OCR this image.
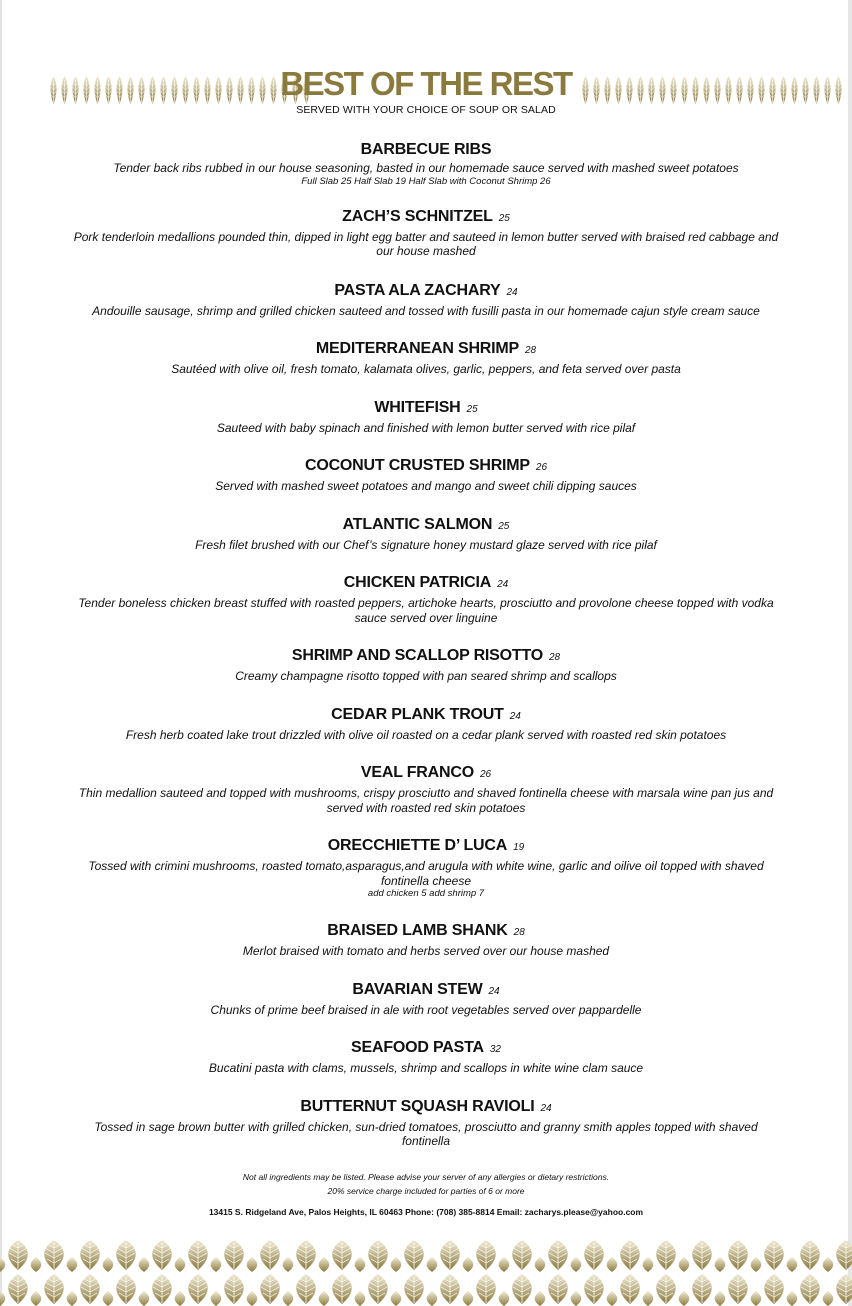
BEST OF THE REST
SERVED WITH YOUR CHOICE OF SOUP OR SALAD
BARBECUE RIBS
Tender back ribs rubbed in our house seasoning, basted in our homemade sauce served with mashed sweet potatoes
Full Slab 25 Half Slab 19 Half Slab with Coconut Shrimp 26
ZACH’S SCHNITZEL 25
Pork tenderloin medallions pounded thin, dipped in light egg batter and sauteed in lemon butter served with braised red cabbage and our house mashed
PASTA ALA ZACHARY 24
Andouille sausage, shrimp and grilled chicken sauteed and tossed with fusilli pasta in our homemade cajun style cream sauce
MEDITERRANEAN SHRIMP 28
Sautéed with olive oil, fresh tomato, kalamata olives, garlic, peppers, and feta served over pasta
WHITEFISH 25
Sauteed with baby spinach and finished with lemon butter served with rice pilaf
COCONUT CRUSTED SHRIMP 26
Served with mashed sweet potatoes and mango and sweet chili dipping sauces
ATLANTIC SALMON 25
Fresh filet brushed with our Chef’s signature honey mustard glaze served with rice pilaf
CHICKEN PATRICIA 24
Tender boneless chicken breast stuffed with roasted peppers, artichoke hearts, prosciutto and provolone cheese topped with vodka sauce served over linguine
SHRIMP AND SCALLOP RISOTTO 28
Creamy champagne risotto topped with pan seared shrimp and scallops
CEDAR PLANK TROUT 24
Fresh herb coated lake trout drizzled with olive oil roasted on a cedar plank served with roasted red skin potatoes
VEAL FRANCO 26
Thin medallion sauteed and topped with mushrooms, crispy prosciutto and shaved fontinella cheese with marsala wine pan jus and served with roasted red skin potatoes
ORECCHIETTE D’ LUCA 19
Tossed with crimini mushrooms, roasted tomato,asparagus,and arugula with white wine, garlic and oilive oil topped with shaved fontinella cheese
add chicken 5 add shrimp 7
BRAISED LAMB SHANK 28
Merlot braised with tomato and herbs served over our house mashed
BAVARIAN STEW 24
Chunks of prime beef braised in ale with root vegetables served over pappardelle
SEAFOOD PASTA 32
Bucatini pasta with clams, mussels, shrimp and scallops in white wine clam sauce
BUTTERNUT SQUASH RAVIOLI 24
Tossed in sage brown butter with grilled chicken, sun-dried tomatoes, prosciutto and granny smith apples topped with shaved fontinella
Not all ingredients may be listed. Please advise your server of any allergies or dietary restrictions.
20% service charge included for parties of 6 or more
13415 S. Ridgeland Ave, Palos Heights, IL 60463 Phone: (708) 385-8814 Email: zacharys.please@yahoo.com
